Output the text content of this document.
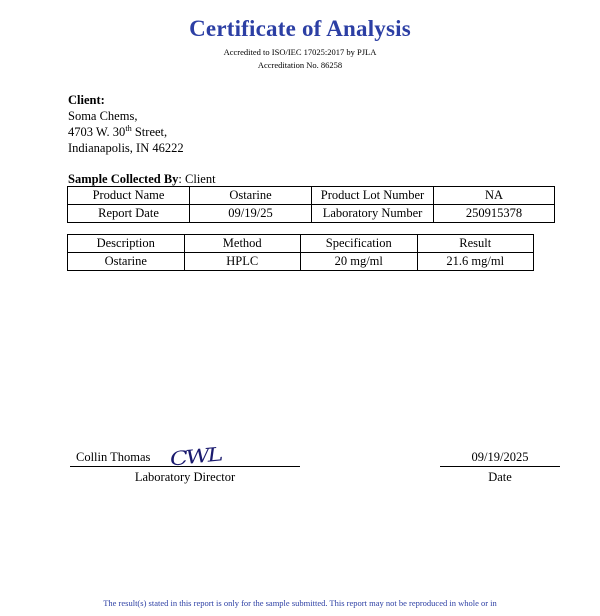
Certificate of Analysis
Accredited to ISO/IEC 17025:2017 by PJLA
Accreditation No. 86258
Client:
Soma Chems,
4703 W. 30th Street,
Indianapolis, IN 46222
Sample Collected By: Client
Product Name	Ostarine	Product Lot Number	NA
Report Date	09/19/25	Laboratory Number	250915378
Description	Method	Specification	Result
Ostarine	HPLC	20 mg/ml	21.6 mg/ml
Collin Thomas CWL
Laboratory Director
09/19/2025
Date
The result(s) stated in this report is only for the sample submitted. This report may not be reproduced in whole or in
